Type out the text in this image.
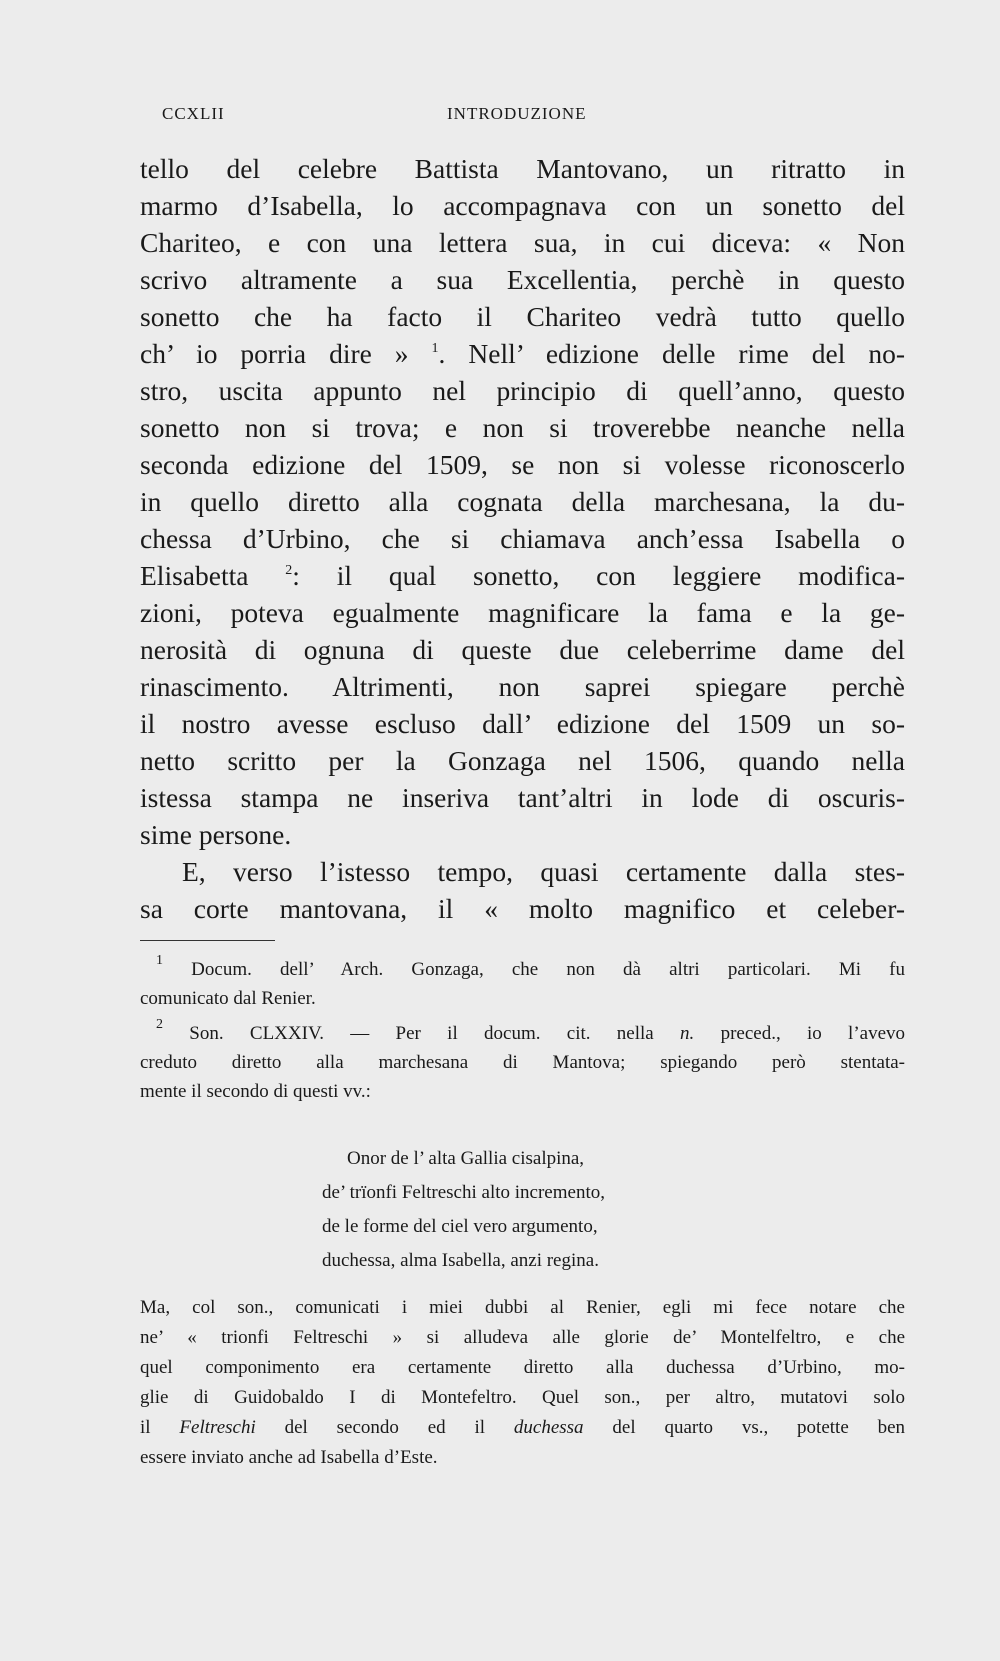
CCXLII	INTRODUZIONE
tello del celebre Battista Mantovano, un ritratto in
marmo d’Isabella, lo accompagnava con un sonetto del
Chariteo, e con una lettera sua, in cui diceva: « Non
scrivo altramente a sua Excellentia, perchè in questo
sonetto che ha facto il Chariteo vedrà tutto quello
ch’ io porria dire » $^1$. Nell’ edizione delle rime del no-
stro, uscita appunto nel principio di quell’anno, questo
sonetto non si trova; e non si troverebbe neanche nella
seconda edizione del 1509, se non si volesse riconoscerlo
in quello diretto alla cognata della marchesana, la du-
chessa d’Urbino, che si chiamava anch’essa Isabella o
Elisabetta	$^2$: il qual sonetto, con leggiere modifica-
zioni, poteva egualmente magnificare la fama e la ge-
nerosità di ognuna di queste due celeberrime dame del
rinascimento. Altrimenti, non saprei spiegare perchè
il nostro avesse escluso dall’ edizione del 1509 un so-
netto scritto per la Gonzaga nel 1506, quando nella
istessa stampa ne inseriva tant’altri in lode di oscuris-
sime persone.
E, verso l’istesso tempo, quasi certamente dalla stes-
sa corte mantovana, il « molto magnifico et celeber-
$^1$ Docum. dell’ Arch. Gonzaga, che non dà altri particolari. Mi fu
comunicato dal Renier.
$^2$ Son. CLXXIV. — Per il docum. cit. nella n. preced., io l’avevo
creduto diretto alla marchesana di Mantova; spiegando però stentata-
mente il secondo di questi vv.:
Onor de l’ alta Gallia cisalpina,
de’ trïonfi Feltreschi alto incremento,
de le forme del ciel vero argumento,
duchessa, alma Isabella, anzi regina.
Ma, col son., comunicati i miei dubbi al Renier, egli mi fece notare che
ne’ « trionfi Feltreschi » si alludeva alle glorie de’ Montelfeltro, e che
quel componimento era certamente diretto alla duchessa d’Urbino, mo-
glie di Guidobaldo I di Montefeltro. Quel son., per altro, mutatovi solo
il Feltreschi del secondo ed il duchessa del quarto vs., potette ben
essere inviato anche ad Isabella d’Este.
